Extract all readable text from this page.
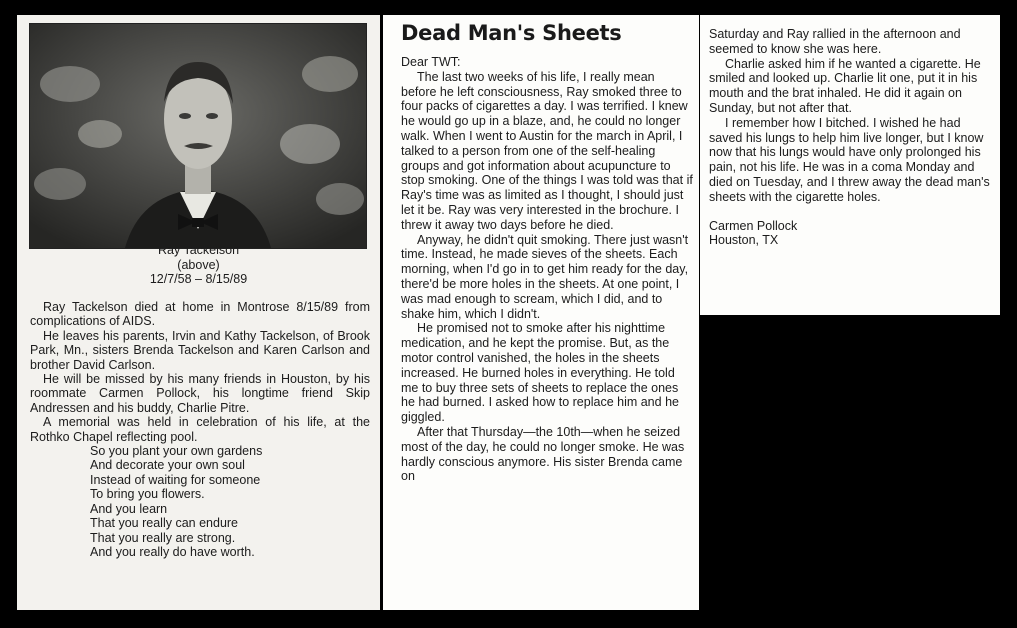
Ray Tackelson
(above)
12/7/58 – 8/15/89

Ray Tackelson died at home in Montrose 8/15/89 from complications of AIDS.

He leaves his parents, Irvin and Kathy Tackelson, of Brook Park, Mn., sisters Brenda Tackelson and Karen Carlson and brother David Carlson.

He will be missed by his many friends in Houston, by his roommate Carmen Pollock, his longtime friend Skip Andressen and his buddy, Charlie Pitre.

A memorial was held in celebration of his life, at the Rothko Chapel reflecting pool.

So you plant your own gardens
And decorate your own soul
Instead of waiting for someone
To bring you flowers.
And you learn
That you really can endure
That you really are strong.
And you really do have worth.
Dead Man's Sheets

Dear TWT:

The last two weeks of his life, I really mean before he left consciousness, Ray smoked three to four packs of cigarettes a day. I was terrified. I knew he would go up in a blaze, and, he could no longer walk. When I went to Austin for the march in April, I talked to a person from one of the self-healing groups and got information about acupuncture to stop smoking. One of the things I was told was that if Ray's time was as limited as I thought, I should just let it be. Ray was very interested in the brochure. I threw it away two days before he died.

Anyway, he didn't quit smoking. There just wasn't time. Instead, he made sieves of the sheets. Each morning, when I'd go in to get him ready for the day, there'd be more holes in the sheets. At one point, I was mad enough to scream, which I did, and to shake him, which I didn't.

He promised not to smoke after his nighttime medication, and he kept the promise. But, as the motor control vanished, the holes in the sheets increased. He burned holes in everything. He told me to buy three sets of sheets to replace the ones he had burned. I asked how to replace him and he giggled.

After that Thursday—the 10th—when he seized most of the day, he could no longer smoke. He was hardly conscious anymore. His sister Brenda came on

Saturday and Ray rallied in the afternoon and seemed to know she was here.

Charlie asked him if he wanted a cigarette. He smiled and looked up. Charlie lit one, put it in his mouth and the brat inhaled. He did it again on Sunday, but not after that.

I remember how I bitched. I wished he had saved his lungs to help him live longer, but I know now that his lungs would have only prolonged his pain, not his life. He was in a coma Monday and died on Tuesday, and I threw away the dead man's sheets with the cigarette holes.

Carmen Pollock
Houston, TX
